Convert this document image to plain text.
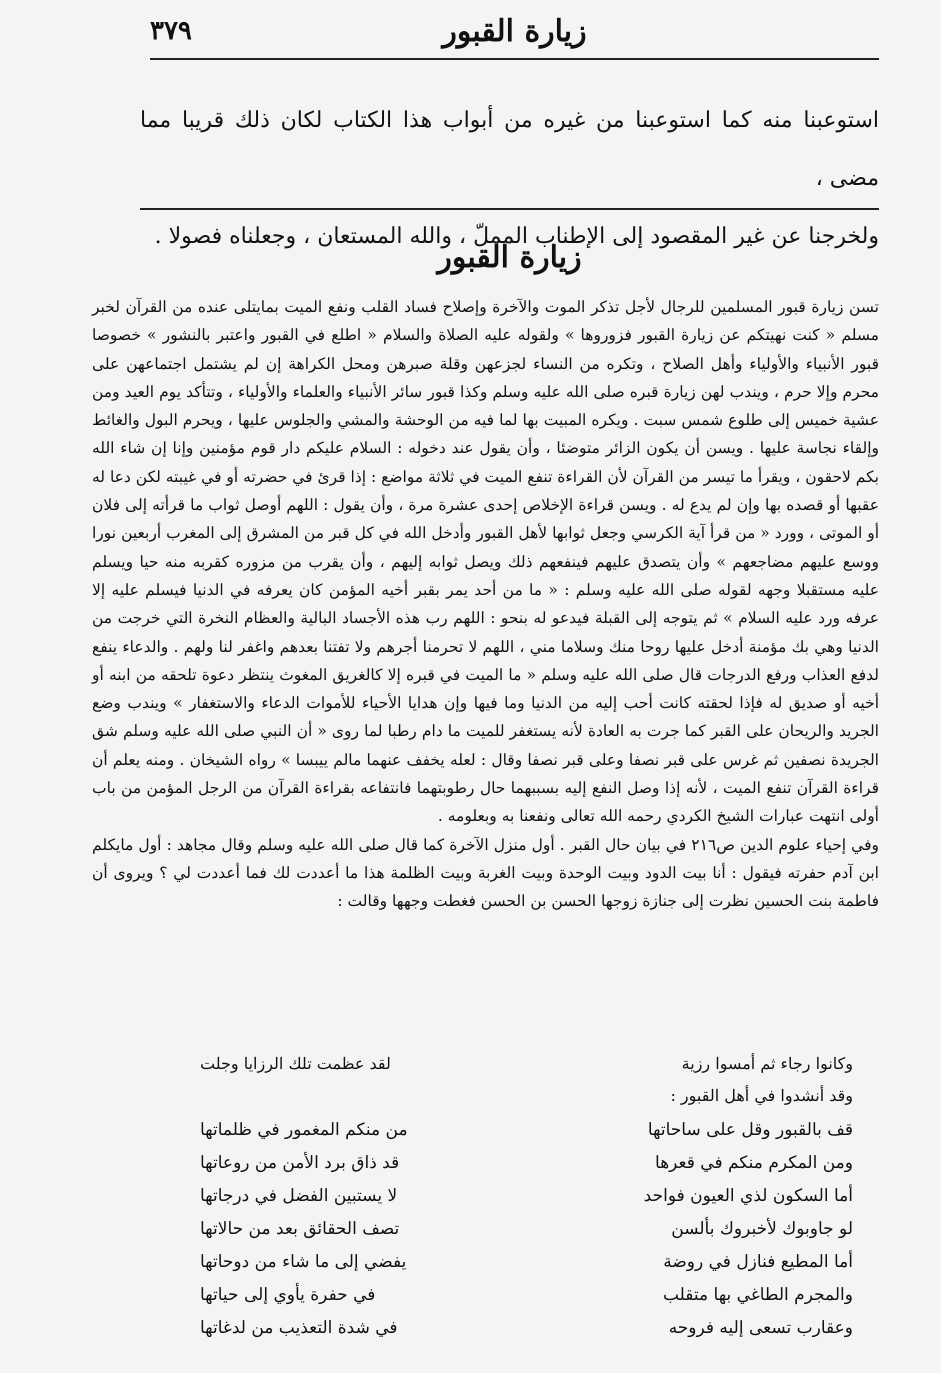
زيارة القبور
٣٧٩

استوعبنا منه كما استوعبنا من غيره من أبواب هذا الكتاب لكان ذلك قريبا مما مضى ،

ولخرجنا عن غير المقصود إلى الإطناب المملّ ، والله المستعان ، وجعلناه فصولا .

زيارة القبور

تسن زيارة قبور المسلمين للرجال لأجل تذكر الموت والآخرة وإصلاح فساد القلب ونفع الميت بمايتلى عنده من القرآن لخبر مسلم « كنت نهيتكم عن زيارة القبور فزوروها » ولقوله عليه الصلاة والسلام « اطلع في القبور واعتبر بالنشور » خصوصا قبور الأنبياء والأولياء وأهل الصلاح ، وتكره من النساء لجزعهن وقلة صبرهن ومحل الكراهة إن لم يشتمل اجتماعهن على محرم وإلا حرم ، ويندب لهن زيارة قبره صلى الله عليه وسلم وكذا قبور سائر الأنبياء والعلماء والأولياء ، وتتأكد يوم العيد ومن عشية خميس إلى طلوع شمس سبت . ويكره المبيت بها لما فيه من الوحشة والمشي والجلوس عليها ، ويحرم البول والغائط وإلقاء نجاسة عليها . ويسن أن يكون الزائر متوضئا ، وأن يقول عند دخوله : السلام عليكم دار قوم مؤمنين وإنا إن شاء الله بكم لاحقون ، ويقرأ ما تيسر من القرآن لأن القراءة تنفع الميت في ثلاثة مواضع : إذا قرئ في حضرته أو في غيبته لكن دعا له عقبها أو قصده بها وإن لم يدع له . ويسن قراءة الإخلاص إحدى عشرة مرة ، وأن يقول : اللهم أوصل ثواب ما قرأته إلى فلان أو الموتى ، وورد « من قرأ آية الكرسي وجعل ثوابها لأهل القبور وأدخل الله في كل قبر من المشرق إلى المغرب أربعين نورا ووسع عليهم مضاجعهم » وأن يتصدق عليهم فينفعهم ذلك ويصل ثوابه إليهم ، وأن يقرب من مزوره كقربه منه حيا ويسلم عليه مستقبلا وجهه لقوله صلى الله عليه وسلم : « ما من أحد يمر بقبر أخيه المؤمن كان يعرفه في الدنيا فيسلم عليه إلا عرفه ورد عليه السلام » ثم يتوجه إلى القبلة فيدعو له بنحو : اللهم رب هذه الأجساد البالية والعظام النخرة التي خرجت من الدنيا وهي بك مؤمنة أدخل عليها روحا منك وسلاما مني ، اللهم لا تحرمنا أجرهم ولا تفتنا بعدهم واغفر لنا ولهم . والدعاء ينفع لدفع العذاب ورفع الدرجات قال صلى الله عليه وسلم « ما الميت في قبره إلا كالغريق المغوث ينتظر دعوة تلحقه من ابنه أو أخيه أو صديق له فإذا لحقته كانت أحب إليه من الدنيا وما فيها وإن هدايا الأحياء للأموات الدعاء والاستغفار » ويندب وضع الجريد والريحان على القبر كما جرت به العادة لأنه يستغفر للميت ما دام رطبا لما روى « أن النبي صلى الله عليه وسلم شق الجريدة نصفين ثم غرس على قبر نصفا وعلى قبر نصفا وقال : لعله يخفف عنهما مالم ييبسا » رواه الشيخان . ومنه يعلم أن قراءة القرآن تنفع الميت ، لأنه إذا وصل النفع إليه بسببهما حال رطوبتهما فانتفاعه بقراءة القرآن من الرجل المؤمن من باب أولى انتهت عبارات الشيخ الكردي رحمه الله تعالى ونفعنا به وبعلومه .

وفي إحياء علوم الدين ص٢١٦ في بيان حال القبر . أول منزل الآخرة كما قال صلى الله عليه وسلم وقال مجاهد : أول مايكلم ابن آدم حفرته فيقول : أنا بيت الدود وبيت الوحدة وبيت الغربة وبيت الظلمة هذا ما أعددت لك فما أعددت لي ؟ ويروى أن فاطمة بنت الحسين نظرت إلى جنازة زوجها الحسن بن الحسن فغطت وجهها وقالت :

وكانوا رجاء ثم أمسوا رزية
لقد عظمت تلك الرزايا وجلت
وقد أنشدوا في أهل القبور :
قف بالقبور وقل على ساحاتها
من منكم المغمور في ظلماتها
ومن المكرم منكم في قعرها
قد ذاق برد الأمن من روعاتها
أما السكون لذي العيون فواحد
لا يستبين الفضل في درجاتها
لو جاوبوك لأخبروك بألسن
تصف الحقائق بعد من حالاتها
أما المطيع فنازل في روضة
يفضي إلى ما شاء من دوحاتها
والمجرم الطاغي بها متقلب
في حفرة يأوي إلى حياتها
وعقارب تسعى إليه فروحه
في شدة التعذيب من لدغاتها
